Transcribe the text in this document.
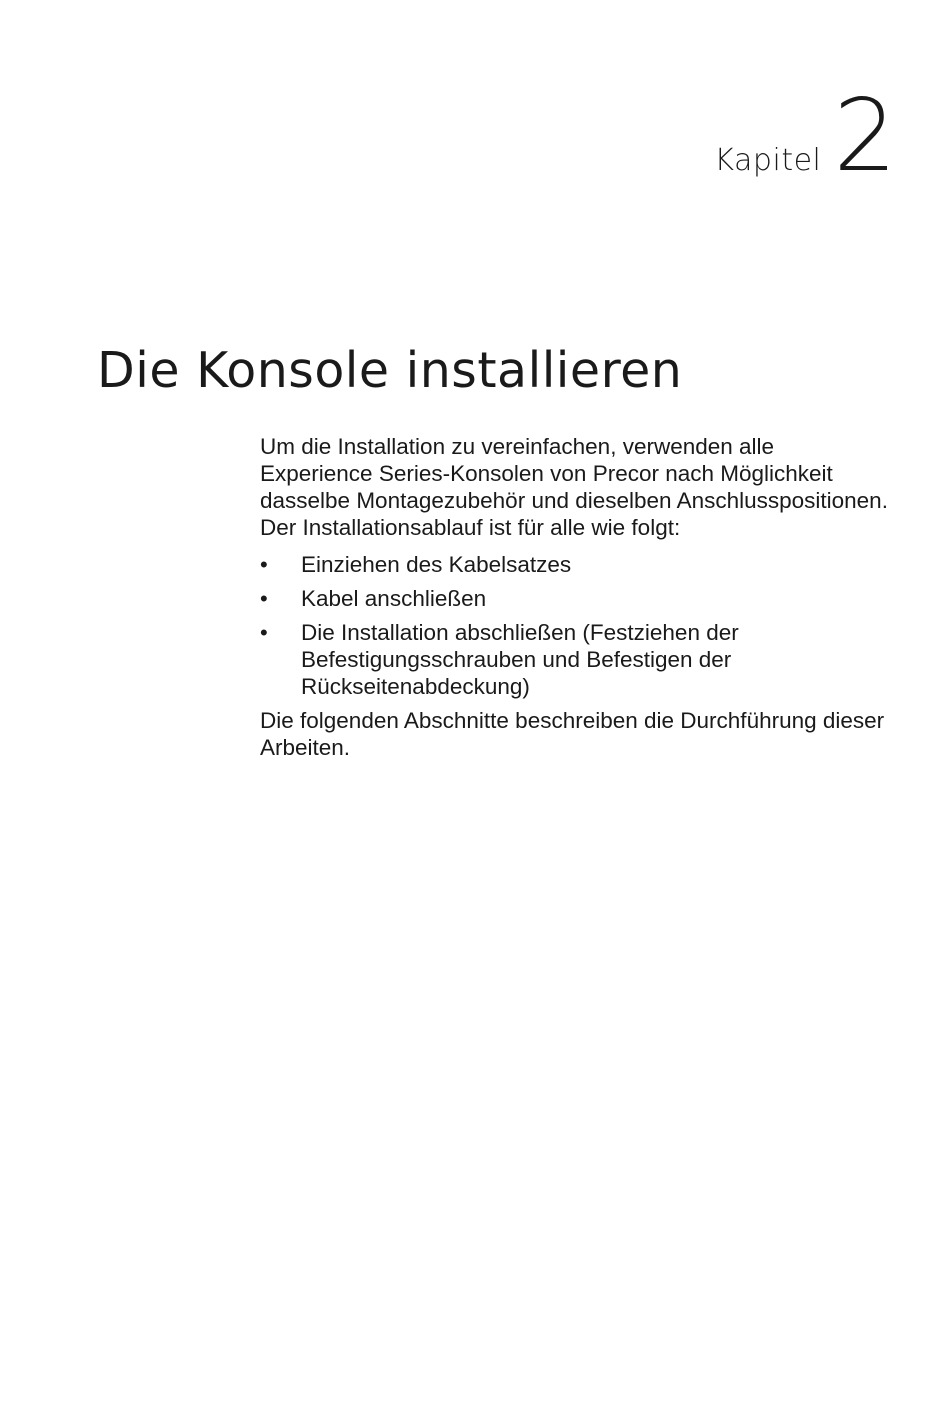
Kapitel 2
Die Konsole installieren

Um die Installation zu vereinfachen, verwenden alle Experience Series-Konsolen von Precor nach Möglichkeit dasselbe Montagezubehör und dieselben Anschlusspositionen. Der Installationsablauf ist für alle wie folgt:

• Einziehen des Kabelsatzes
• Kabel anschließen
• Die Installation abschließen (Festziehen der Befestigungsschrauben und Befestigen der Rückseitenabdeckung)

Die folgenden Abschnitte beschreiben die Durchführung dieser Arbeiten.
